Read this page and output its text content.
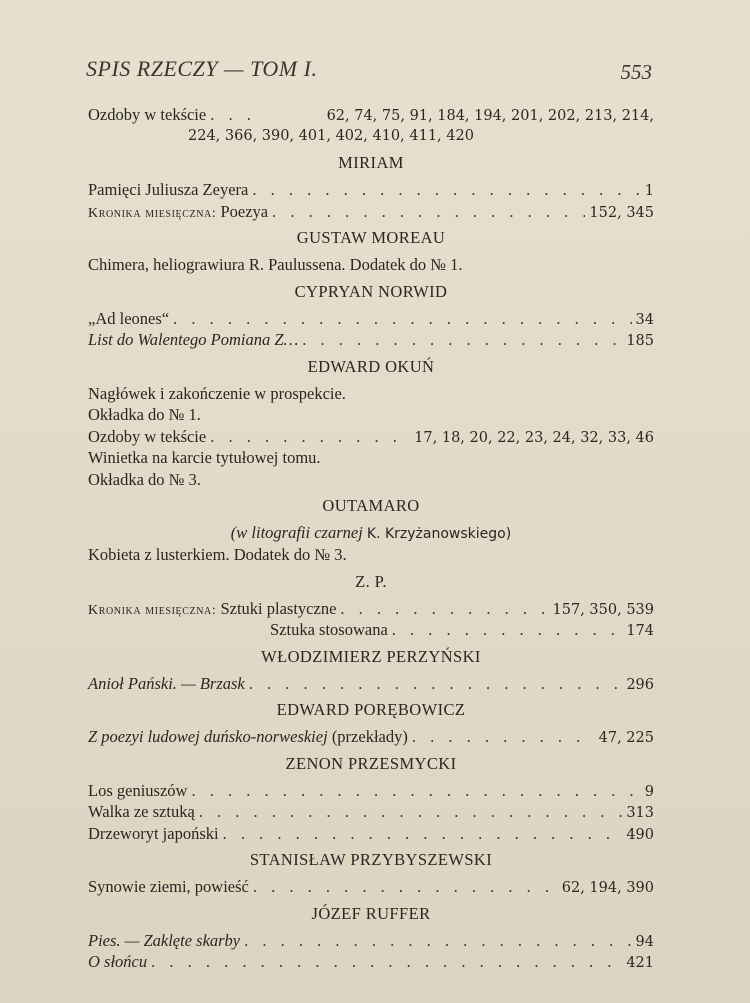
SPIS RZECZY — TOM I.	553
Ozdoby w tekście . . .	62, 74, 75, 91, 184, 194, 201, 202, 213, 214,
224, 366, 390, 401, 402, 410, 411, 420
MIRIAM
Pamięci Juliusza Zeyera . . .	1
Kronika miesięczna: Poezya . . .	152, 345
GUSTAW MOREAU
Chimera, heliograwiura R. Paulussena. Dodatek do № 1.
CYPRYAN NORWID
„Ad leones“ . . .	34
List do Walentego Pomiana Z… . . .	185
EDWARD OKUŃ
Nagłówek i zakończenie w prospekcie.
Okładka do № 1.
Ozdoby w tekście . . .	17, 18, 20, 22, 23, 24, 32, 33, 46
Winietka na karcie tytułowej tomu.
Okładka do № 3.
OUTAMARO
(w litografii czarnej K. Krzyżanowskiego)
Kobieta z lusterkiem. Dodatek do № 3.
Z. P.
Kronika miesięczna: Sztuki plastyczne . . .	157, 350, 539
Sztuka stosowana . . .	174
WŁODZIMIERZ PERZYŃSKI
Anioł Pański. — Brzask . . .	296
EDWARD PORĘBOWICZ
Z poezyi ludowej duńsko-norweskiej (przekłady) . . .	47, 225
ZENON PRZESMYCKI
Los geniuszów . . .	9
Walka ze sztuką . . .	313
Drzeworyt japoński . . .	490
STANISŁAW PRZYBYSZEWSKI
Synowie ziemi, powieść . . .	62, 194, 390
JÓZEF RUFFER
Pies. — Zaklęte skarby . . .	94
O słońcu . . .	421
